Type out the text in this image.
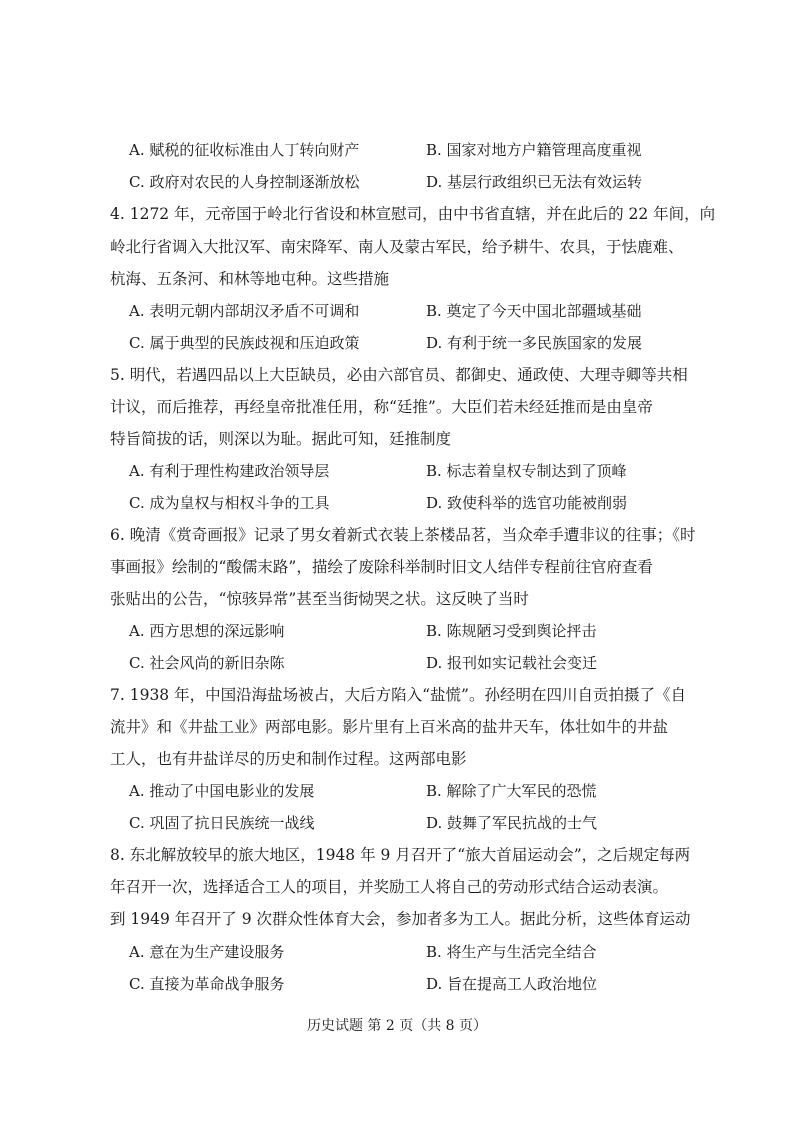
A. 赋税的征收标准由人丁转向财产	B. 国家对地方户籍管理高度重视
C. 政府对农民的人身控制逐渐放松	D. 基层行政组织已无法有效运转
4. 1272 年，元帝国于岭北行省设和林宣慰司，由中书省直辖，并在此后的 22 年间，向
岭北行省调入大批汉军、南宋降军、南人及蒙古军民，给予耕牛、农具，于怯鹿难、
杭海、五条河、和林等地屯种。这些措施
A. 表明元朝内部胡汉矛盾不可调和	B. 奠定了今天中国北部疆域基础
C. 属于典型的民族歧视和压迫政策	D. 有利于统一多民族国家的发展
5. 明代，若遇四品以上大臣缺员，必由六部官员、都御史、通政使、大理寺卿等共相
计议，而后推荐，再经皇帝批准任用，称“廷推”。大臣们若未经廷推而是由皇帝
特旨简拔的话，则深以为耻。据此可知，廷推制度
A. 有利于理性构建政治领导层	B. 标志着皇权专制达到了顶峰
C. 成为皇权与相权斗争的工具	D. 致使科举的选官功能被削弱
6. 晚清《赏奇画报》记录了男女着新式衣装上茶楼品茗，当众牵手遭非议的往事；《时
事画报》绘制的“酸儒末路”，描绘了废除科举制时旧文人结伴专程前往官府查看
张贴出的公告，“惊骇异常”甚至当街恸哭之状。这反映了当时
A. 西方思想的深远影响	B. 陈规陋习受到舆论抨击
C. 社会风尚的新旧杂陈	D. 报刊如实记载社会变迁
7. 1938 年，中国沿海盐场被占，大后方陷入“盐慌”。孙经明在四川自贡拍摄了《自
流井》和《井盐工业》两部电影。影片里有上百米高的盐井天车，体壮如牛的井盐
工人，也有井盐详尽的历史和制作过程。这两部电影
A. 推动了中国电影业的发展	B. 解除了广大军民的恐慌
C. 巩固了抗日民族统一战线	D. 鼓舞了军民抗战的士气
8. 东北解放较早的旅大地区，1948 年 9 月召开了“旅大首届运动会”，之后规定每两
年召开一次，选择适合工人的项目，并奖励工人将自己的劳动形式结合运动表演。
到 1949 年召开了 9 次群众性体育大会，参加者多为工人。据此分析，这些体育运动
A. 意在为生产建设服务	B. 将生产与生活完全结合
C. 直接为革命战争服务	D. 旨在提高工人政治地位
历史试题 第 2 页（共 8 页）
